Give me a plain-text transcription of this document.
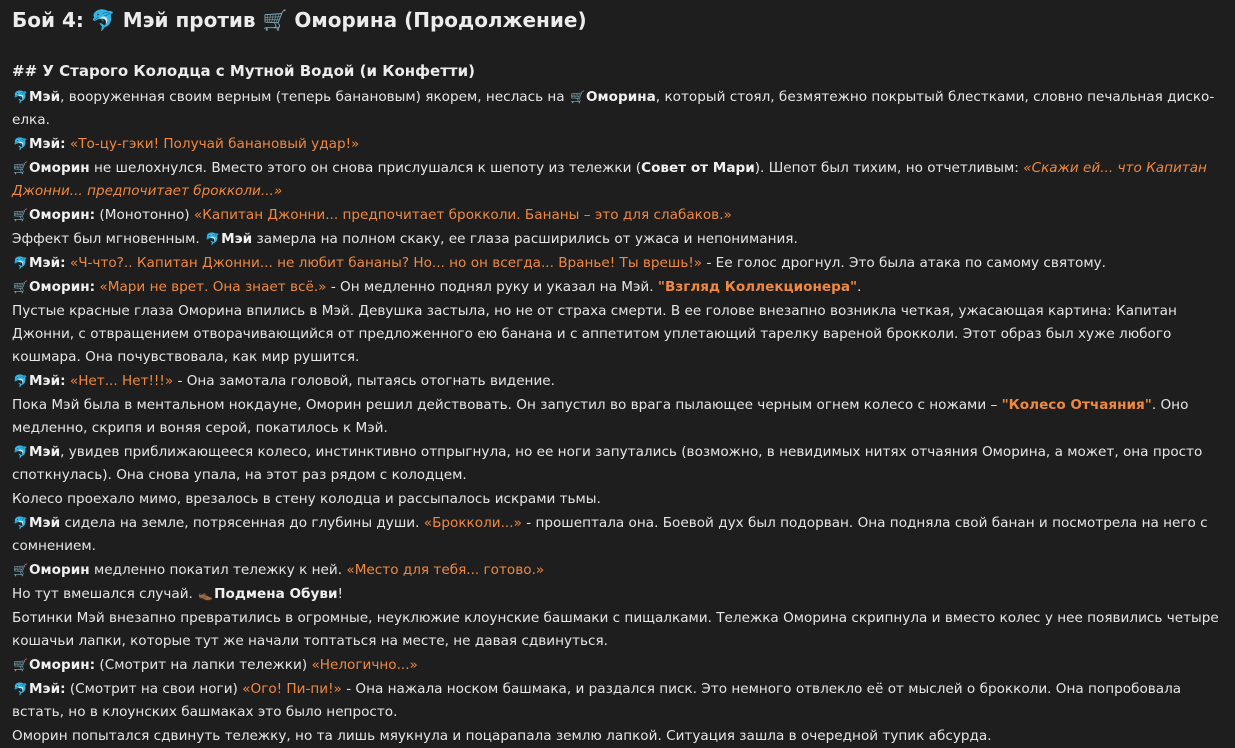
Бой 4: 🐬 Мэй против 🛒 Оморина (Продолжение)
## У Старого Колодца с Мутной Водой (и Конфетти)

🐬Мэй, вооруженная своим верным (теперь банановым) якорем, неслась на 🛒Оморина, который стоял, безмятежно покрытый блестками, словно печальная диско-елка.

🐬Мэй: «То-цу-гэки! Получай банановый удар!»

🛒Оморин не шелохнулся. Вместо этого он снова прислушался к шепоту из тележки (Совет от Мари). Шепот был тихим, но отчетливым: «Скажи ей... что Капитан Джонни... предпочитает брокколи...»

🛒Оморин: (Монотонно) «Капитан Джонни... предпочитает брокколи. Бананы – это для слабаков.»

Эффект был мгновенным. 🐬Мэй замерла на полном скаку, ее глаза расширились от ужаса и непонимания.

🐬Мэй: «Ч-что?.. Капитан Джонни... не любит бананы? Но... но он всегда... Вранье! Ты врешь!» - Ее голос дрогнул. Это была атака по самому святому.

🛒Оморин: «Мари не врет. Она знает всё.» - Он медленно поднял руку и указал на Мэй. "Взгляд Коллекционера".

Пустые красные глаза Оморина впились в Мэй. Девушка застыла, но не от страха смерти. В ее голове внезапно возникла четкая, ужасающая картина: Капитан Джонни, с отвращением отворачивающийся от предложенного ею банана и с аппетитом уплетающий тарелку вареной брокколи. Этот образ был хуже любого кошмара. Она почувствовала, как мир рушится.

🐬Мэй: «Нет... Нет!!!» - Она замотала головой, пытаясь отогнать видение.

Пока Мэй была в ментальном нокдауне, Оморин решил действовать. Он запустил во врага пылающее черным огнем колесо с ножами – "Колесо Отчаяния". Оно медленно, скрипя и воняя серой, покатилось к Мэй.

🐬Мэй, увидев приближающееся колесо, инстинктивно отпрыгнула, но ее ноги запутались (возможно, в невидимых нитях отчаяния Оморина, а может, она просто споткнулась). Она снова упала, на этот раз рядом с колодцем.

Колесо проехало мимо, врезалось в стену колодца и рассыпалось искрами тьмы.

🐬Мэй сидела на земле, потрясенная до глубины души. «Брокколи...» - прошептала она. Боевой дух был подорван. Она подняла свой банан и посмотрела на него с сомнением.

🛒Оморин медленно покатил тележку к ней. «Место для тебя... готово.»

Но тут вмешался случай. 👞Подмена Обуви!

Ботинки Мэй внезапно превратились в огромные, неуклюжие клоунские башмаки с пищалками. Тележка Оморина скрипнула и вместо колес у нее появились четыре кошачьи лапки, которые тут же начали топтаться на месте, не давая сдвинуться.

🛒Оморин: (Смотрит на лапки тележки) «Нелогично...»

🐬Мэй: (Смотрит на свои ноги) «Ого! Пи-пи!» - Она нажала носком башмака, и раздался писк. Это немного отвлекло её от мыслей о брокколи. Она попробовала встать, но в клоунских башмаках это было непросто.

Оморин попытался сдвинуть тележку, но та лишь мяукнула и поцарапала землю лапкой. Ситуация зашла в очередной тупик абсурда.
